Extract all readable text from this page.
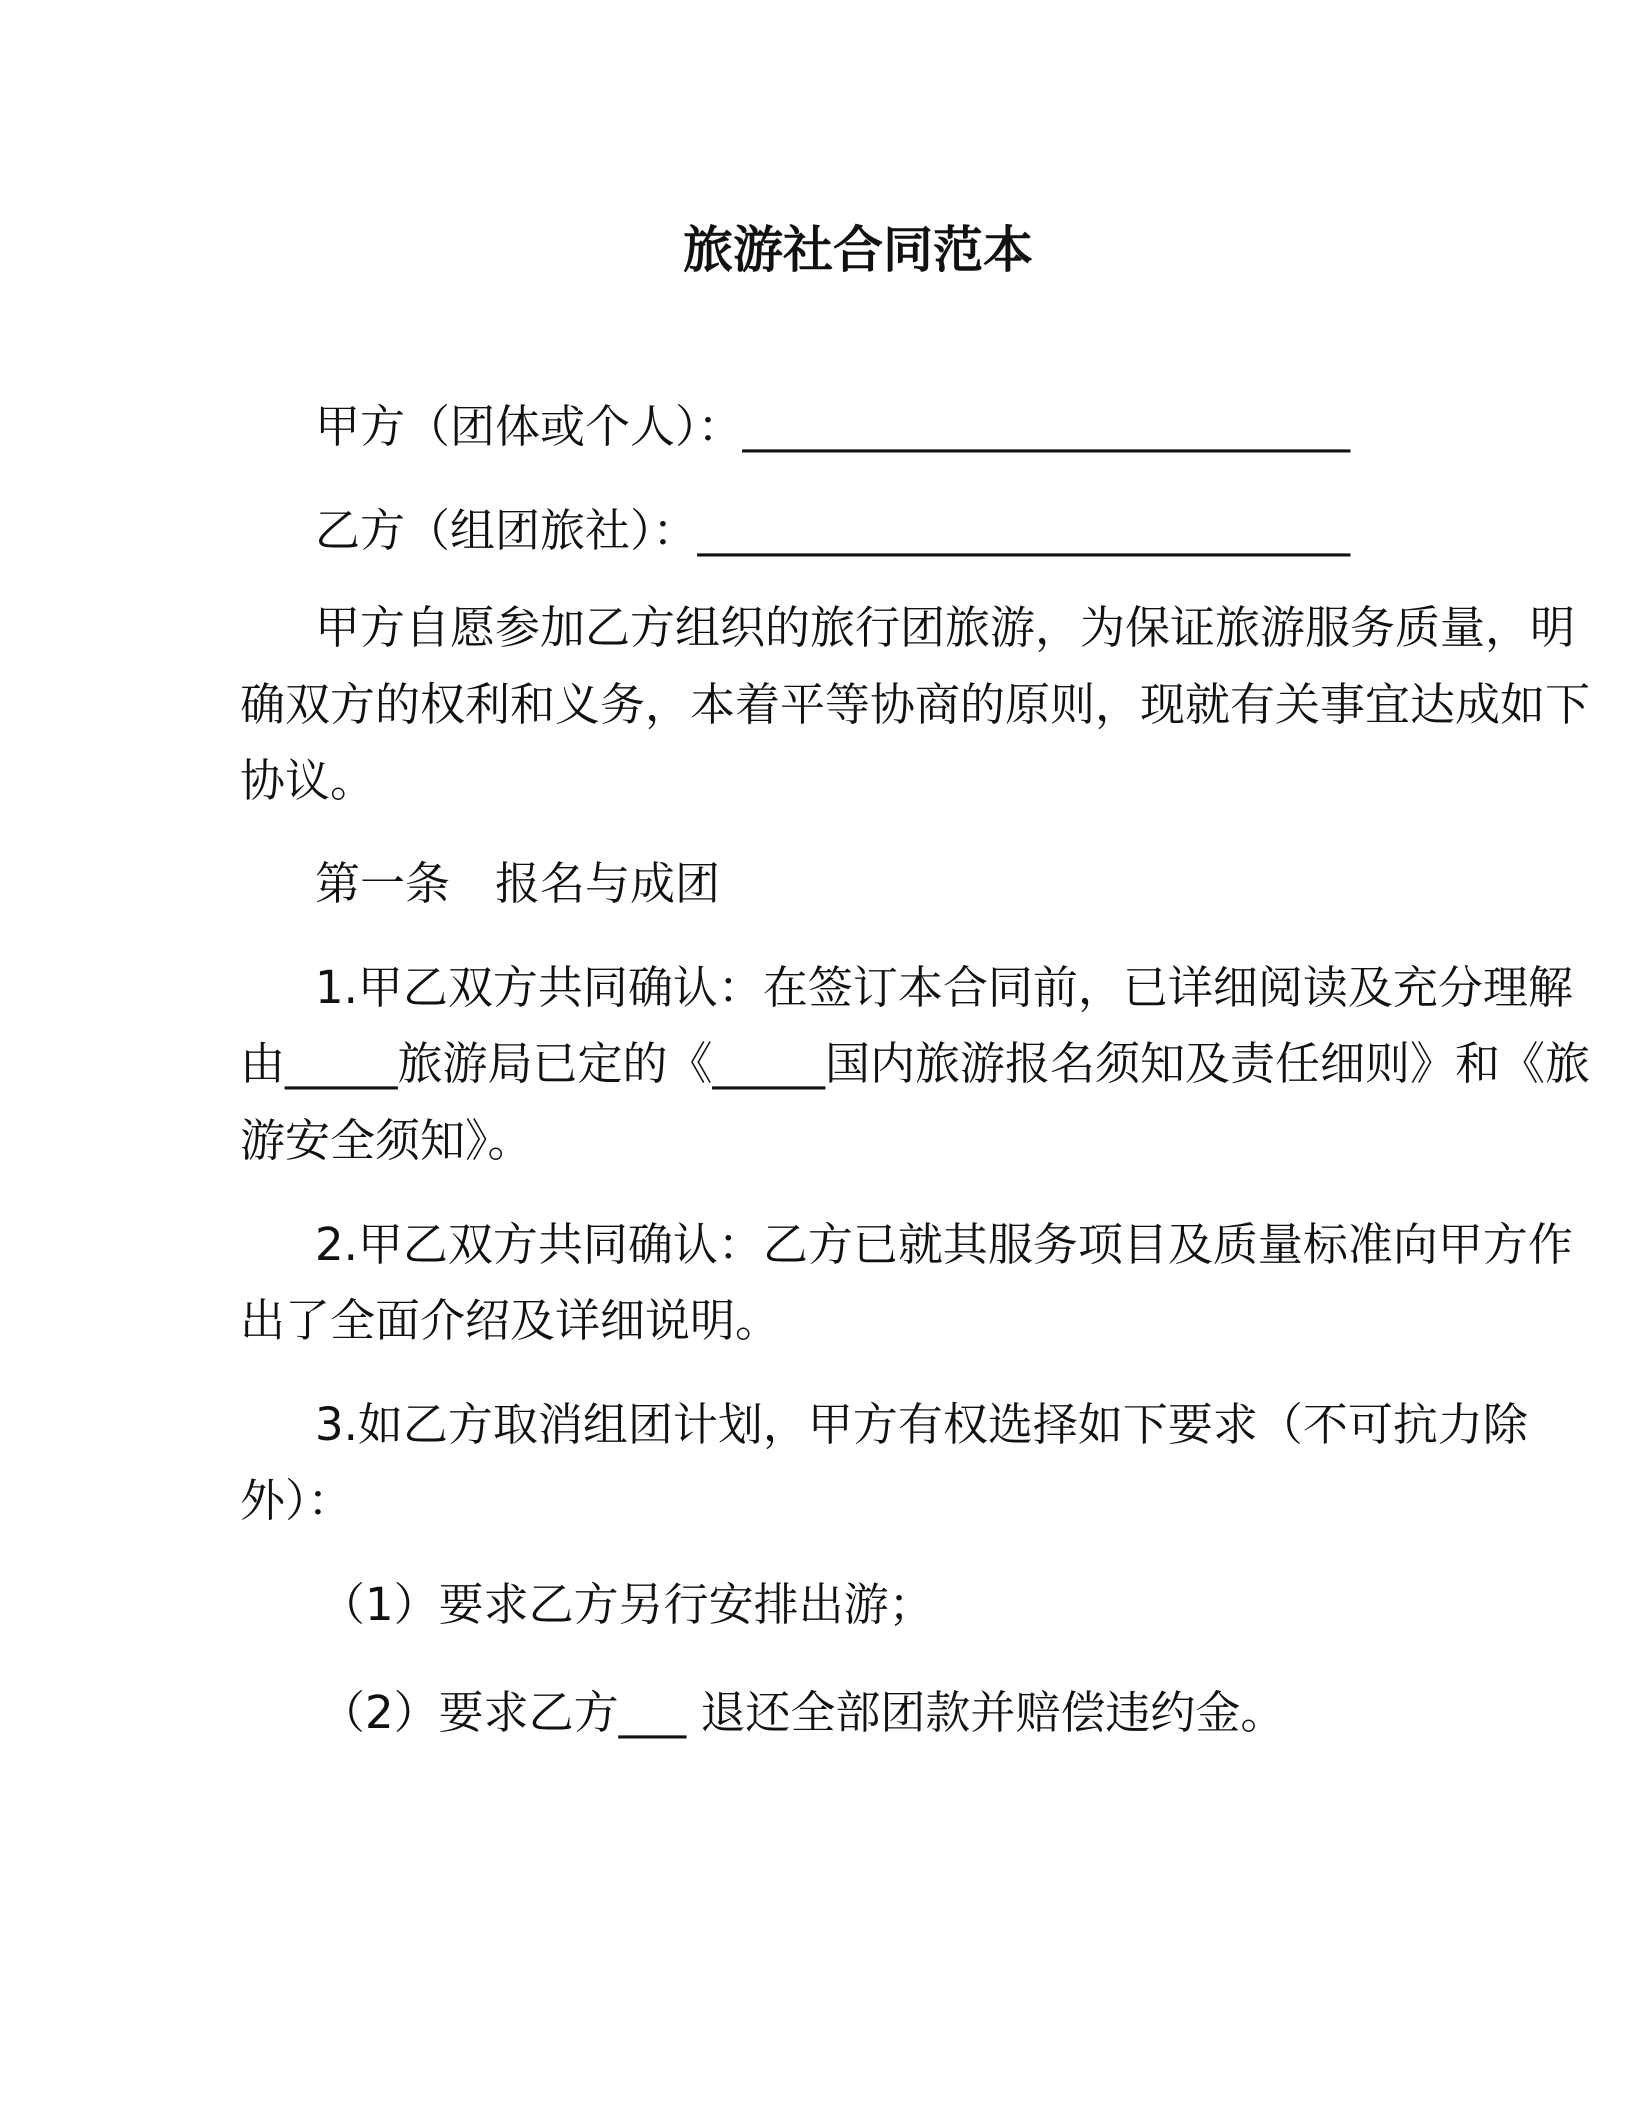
旅游社合同范本
甲方（团体或个人）：___________________________
乙方（组团旅社）：_____________________________
甲方自愿参加乙方组织的旅行团旅游，为保证旅游服务质量，明
确双方的权利和义务，本着平等协商的原则，现就有关事宜达成如下
协议。
第一条　报名与成团
1.甲乙双方共同确认：在签订本合同前，已详细阅读及充分理解
由_____旅游局已定的《_____国内旅游报名须知及责任细则》和《旅
游安全须知》。
2.甲乙双方共同确认：乙方已就其服务项目及质量标准向甲方作
出了全面介绍及详细说明。
3.如乙方取消组团计划，甲方有权选择如下要求（不可抗力除
外）：
（1）要求乙方另行安排出游；
（2）要求乙方___ 退还全部团款并赔偿违约金。
